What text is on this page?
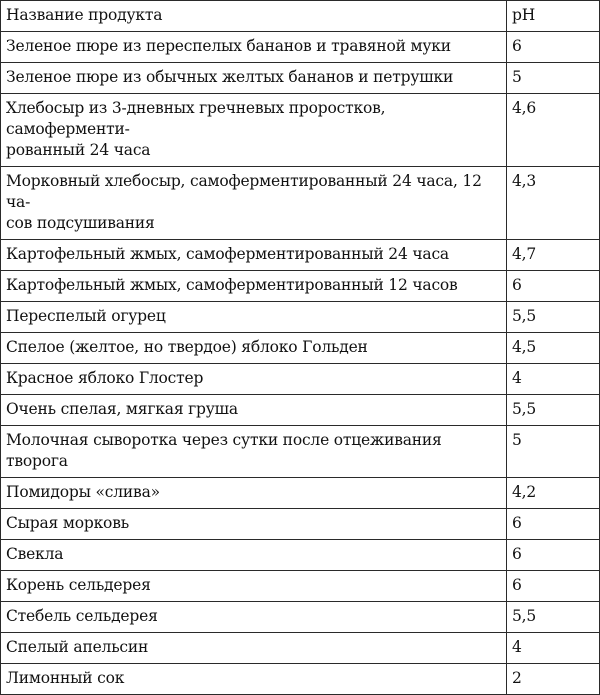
Название продукта	pH
Зеленое пюре из переспелых бананов и травяной муки	6
Зеленое пюре из обычных желтых бананов и петрушки	5
Хлебосыр из 3-дневных гречневых проростков, самоферменти-
рованный 24 часа	4,6
Морковный хлебосыр, самоферментированный 24 часа, 12 ча-
сов подсушивания	4,3
Картофельный жмых, самоферментированный 24 часа	4,7
Картофельный жмых, самоферментированный 12 часов	6
Переспелый огурец	5,5
Спелое (желтое, но твердое) яблоко Гольден	4,5
Красное яблоко Глостер	4
Очень спелая, мягкая груша	5,5
Молочная сыворотка через сутки после отцеживания творога	5
Помидоры «слива»	4,2
Сырая морковь	6
Свекла	6
Корень сельдерея	6
Стебель сельдерея	5,5
Спелый апельсин	4
Лимонный сок	2
